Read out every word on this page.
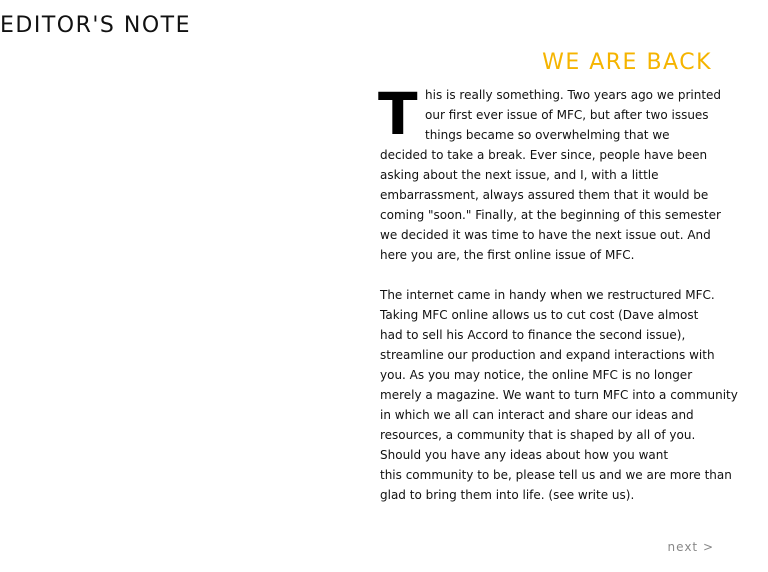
EDITOR'S NOTE
WE ARE BACK

T his is really something. Two years ago we printed
our first ever issue of MFC, but after two issues
things became so overwhelming that we
decided to take a break. Ever since, people have been
asking about the next issue, and I, with a little
embarrassment, always assured them that it would be
coming "soon." Finally, at the beginning of this semester
we decided it was time to have the next issue out. And
here you are, the first online issue of MFC.

The internet came in handy when we restructured MFC.
Taking MFC online allows us to cut cost (Dave almost
had to sell his Accord to finance the second issue),
streamline our production and expand interactions with
you. As you may notice, the online MFC is no longer
merely a magazine. We want to turn MFC into a community
in which we all can interact and share our ideas and
resources, a community that is shaped by all of you.
Should you have any ideas about how you want
this community to be, please tell us and we are more than
glad to bring them into life. (see write us).

next >
